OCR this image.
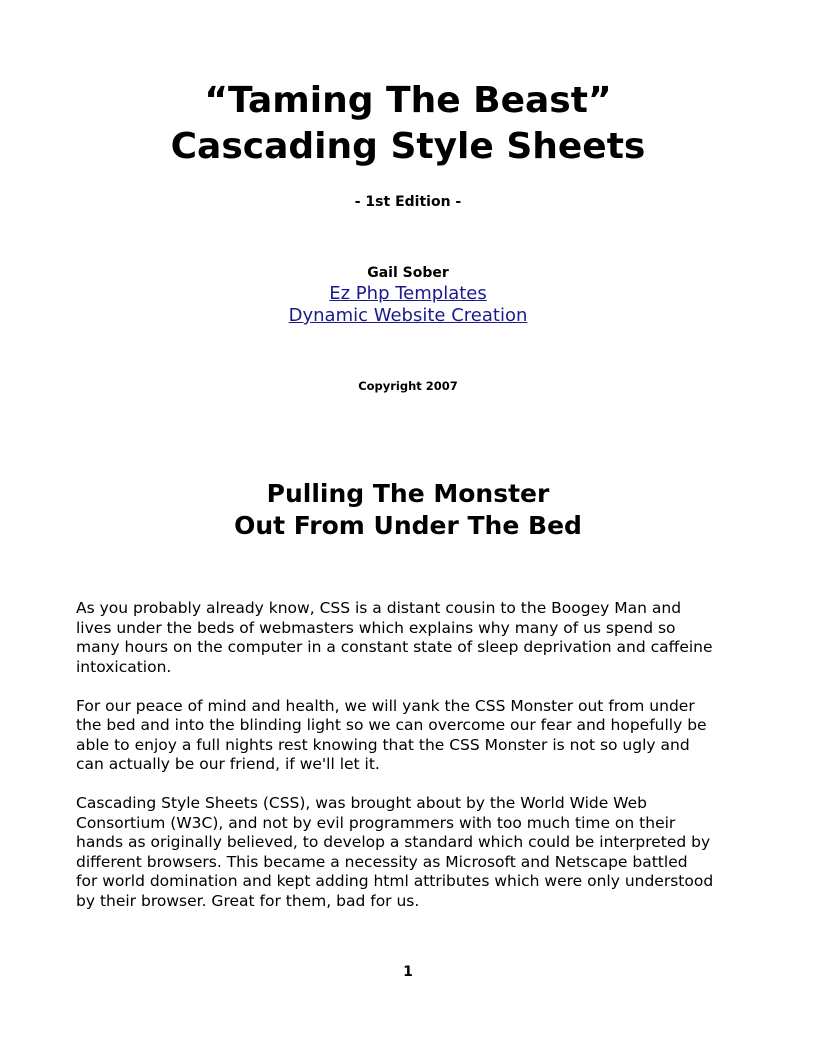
“Taming The Beast”
Cascading Style Sheets
- 1st Edition -
Gail Sober
Ez Php Templates
Dynamic Website Creation
Copyright 2007
Pulling The Monster
Out From Under The Bed

As you probably already know, CSS is a distant cousin to the Boogey Man and
lives under the beds of webmasters which explains why many of us spend so
many hours on the computer in a constant state of sleep deprivation and caffeine
intoxication.

For our peace of mind and health, we will yank the CSS Monster out from under
the bed and into the blinding light so we can overcome our fear and hopefully be
able to enjoy a full nights rest knowing that the CSS Monster is not so ugly and
can actually be our friend, if we'll let it.

Cascading Style Sheets (CSS), was brought about by the World Wide Web
Consortium (W3C), and not by evil programmers with too much time on their
hands as originally believed, to develop a standard which could be interpreted by
different browsers. This became a necessity as Microsoft and Netscape battled
for world domination and kept adding html attributes which were only understood
by their browser. Great for them, bad for us.

1
